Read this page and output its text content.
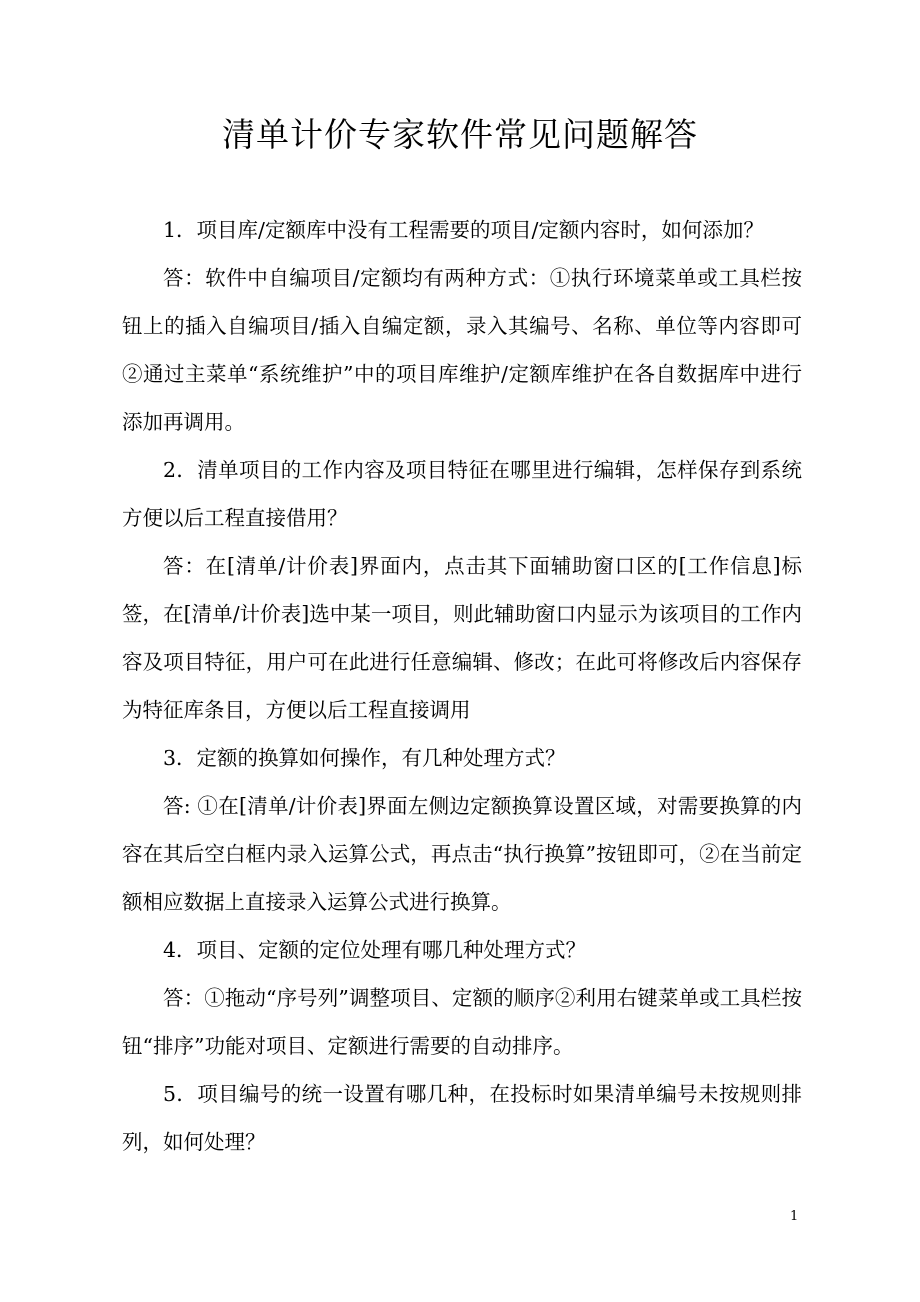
清单计价专家软件常见问题解答

1．项目库/定额库中没有工程需要的项目/定额内容时，如何添加？

答：软件中自编项目/定额均有两种方式：①执行环境菜单或工具栏按钮上的插入自编项目/插入自编定额，录入其编号、名称、单位等内容即可②通过主菜单“系统维护”中的项目库维护/定额库维护在各自数据库中进行添加再调用。

2．清单项目的工作内容及项目特征在哪里进行编辑，怎样保存到系统方便以后工程直接借用？

答：在[清单/计价表]界面内，点击其下面辅助窗口区的[工作信息]标签，在[清单/计价表]选中某一项目，则此辅助窗口内显示为该项目的工作内容及项目特征，用户可在此进行任意编辑、修改；在此可将修改后内容保存为特征库条目，方便以后工程直接调用

3．定额的换算如何操作，有几种处理方式？

答: ①在[清单/计价表]界面左侧边定额换算设置区域，对需要换算的内容在其后空白框内录入运算公式，再点击“执行换算”按钮即可，②在当前定额相应数据上直接录入运算公式进行换算。

4．项目、定额的定位处理有哪几种处理方式？

答：①拖动“序号列”调整项目、定额的顺序②利用右键菜单或工具栏按钮“排序”功能对项目、定额进行需要的自动排序。

5．项目编号的统一设置有哪几种，在投标时如果清单编号未按规则排列，如何处理？

1
